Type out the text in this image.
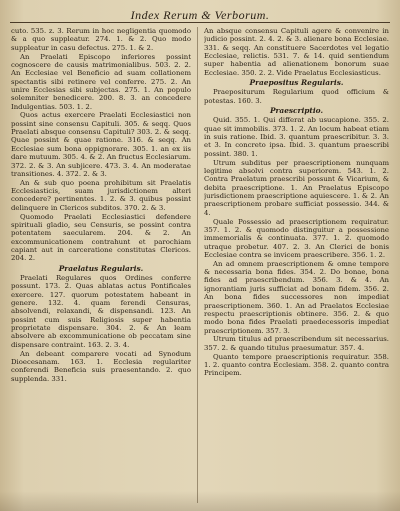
Index Rerum & Verborum.

cuto. 535. z. 3. Rerum in hoc negligentia quomodo & a quo suppleatur. 274. 1. & 2. Quo modo suppleatur in casu defectus. 275. 1. & 2.

An Praelati Episcopo inferiores possint cognoscere de causis matrimonialibus. 503. 2. 2. An Ecclesiae vel Beneficio ad suam collationem spectantis sibi retinere vel conferre. 275. 2. An unire Ecclesias sibi subjectas. 275. 1. An populo solemniter benedicere. 200. 8. 3. an concedere Indulgentias. 503. 1. 2.

Quos actus exercere Praelati Ecclesiastici non possint sine consensu Capituli. 305. & seqq. Quos Praelati absque consensu Capituli? 303. 2. & seqq. Quae possint & quae ratione. 316. & seqq. An Ecclesiae sum bona oppignorare. 305. 1. an ex iis dare mutuum. 305. 4. & 2. An fructus Ecclesiarum. 372. 2. & 3. An subjicere. 473. 3. 4. An moderatae transitiones. 4. 372. 2. & 3.

An & sub quo poena prohibitum sit Praelatis Ecclesiasticis, suam jurisdictionem alteri concedere? pertinentes. 1. 2. & 3. quibus possint delinquere in Clericos subditos. 370. 2. & 3.

Quomodo Praelati Ecclesiastici defendere spirituali gladio, seu Censuris, se possint contra potentatem saecularem. 204. & 2. An excommunicationem contrahunt et parochiam capiant aut in carceratione constitutas Clericos. 204. 2.

Praelatus Regularis.

Praelati Regulares quos Ordines conferre possunt. 173. 2. Quas ablatas actus Pontificales exercere. 127. quorum potestatem habeant in genere. 132. 4. quam ferendi Censuras, absolvendi, relaxandi, & dispensandi. 123. An possint cum suis Religiosis super habentia proprietate dispensare. 304. 2. & An leam absolvere ab excommunicatione ob peccatam sine dispensare contraint. 163. 2. 3. 4.

An debeant comparere vocati ad Synodum Dioecesanam. 163. 1. Ecclesia regulariter conferendi Beneficia suis praesentando. 2. quo supplenda. 331.

An absque consensu Capituli agere & convenire in judicio possint. 2. 4. 2. & 3. alienare bona Ecclesiae. 331. & seqq. An constituere Sacerdotes vel legatio Ecclesiae, relictis. 531. 7. & 14. quid sentiendum super habentia ad alienationem bonorum suae Ecclesiae. 350. 2. 2. Vide Praelatus Ecclesiasticus.

Praepositus Regularis.

Praepositurum Regularium quod officium & potestas. 160. 3.

Praescriptio.

Quid. 355. 1. Qui differat ab usucapione. 355. 2. quae sit immobilis. 373. 1. 2. An locum habeat etiam in suis ratione. Ibid. 3. quantum praescribitur. 3. 3. et 3. In concreto ipsa. Ibid. 3. quantum praescribi possint. 380. 1.

Utrum subditus per praescriptionem nunquam legitime absolvi contra superiorem. 543. 1. 2. Contra Praelatum praescribi possunt & Vicarium, & debita praescriptione. 1. An Praelatus Episcopo jurisdictionem praescriptione aquiescere. 1. & 2. An praescriptionem probare sufficiat possessio. 344. & 4.

Quale Possessio ad praescriptionem requiratur. 357. 1. 2. & quomodo distinguitur a possessione immemorialis & continuata. 377. 1. 2. quomodo utraque probetur. 407. 2. 3. An Clerici de bonis Ecclesiae contra se invicem praescribere. 356. 1. 2.

An ad omnem praescriptionem & omne tempore & necessaria bona fides. 354. 2. Do bonae, bona fides ad praescribendum. 356. 3. & 4. An ignorantiam juris sufficiat ad bonam fidem. 356. 2. An bona fides successores non impediat praescriptionem. 360. 1. An ad Praelatos Ecclesiae respectu praescriptionis obtinere. 356. 2. & quo modo bona fides Praelati praedecessoris impediat praescriptionem. 357. 3.

Utrum titulus ad praescribendum sit necessarius. 357. 2. & quando titulus praesumatur. 357. 4.

Quanto tempore praescriptionis requiratur. 358. 1. 2. quanto contra Ecclesiam. 358. 2. quanto contra Principem.
